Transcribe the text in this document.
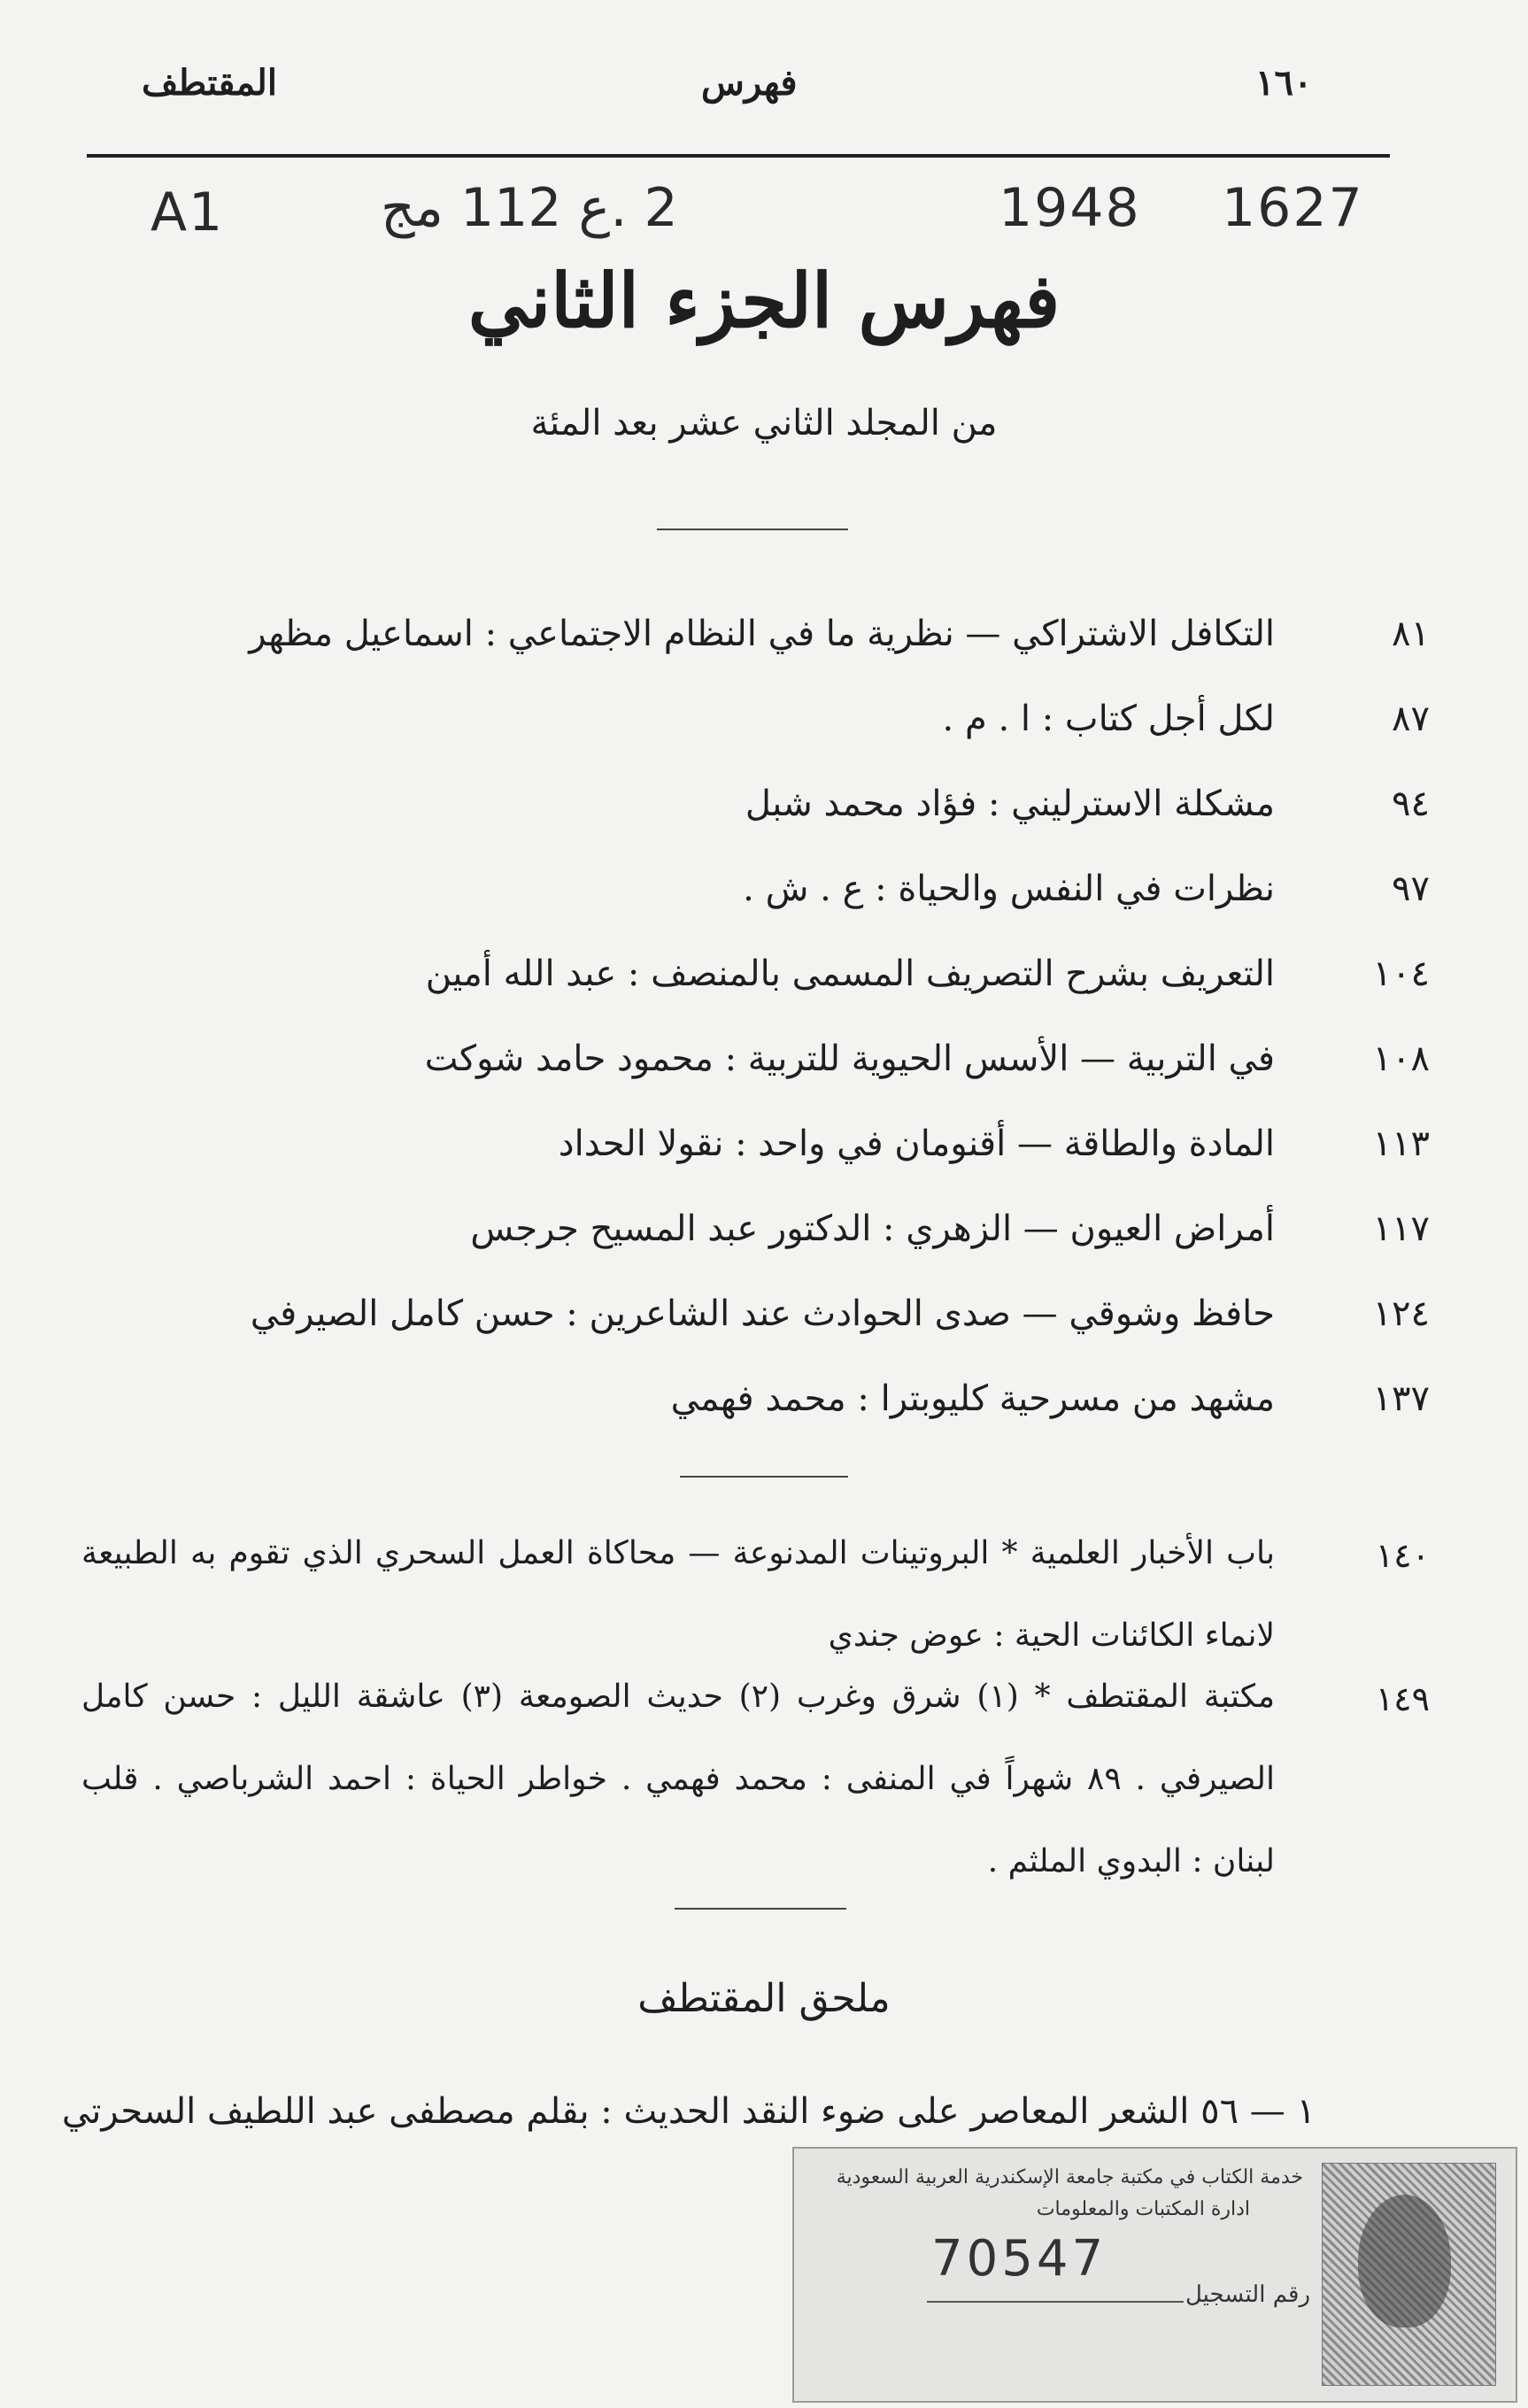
١٦٠
فهرس
المقتطف
A1	2 .ع 112 مج	1948 1627
فهرس الجزء الثاني
من المجلد الثاني عشر بعد المئة
٨١
التكافل الاشتراكي — نظرية ما في النظام الاجتماعي : اسماعيل مظهر
٨٧
لكل أجل كتاب : ا . م .
٩٤
مشكلة الاسترليني : فؤاد محمد شبل
٩٧
نظرات في النفس والحياة : ع . ش .
١٠٤
التعريف بشرح التصريف المسمى بالمنصف : عبد الله أمين
١٠٨
في التربية — الأسس الحيوية للتربية : محمود حامد شوكت
١١٣
المادة والطاقة — أقنومان في واحد : نقولا الحداد
١١٧
أمراض العيون — الزهري : الدكتور عبد المسيح جرجس
١٢٤
حافظ وشوقي — صدى الحوادث عند الشاعرين : حسن كامل الصيرفي
١٣٧
مشهد من مسرحية كليوبترا : محمد فهمي
١٤٠
باب الأخبار العلمية * البروتينات المدنوعة — محاكاة العمل السحري الذي تقوم به الطبيعة لانماء الكائنات الحية : عوض جندي
١٤٩
مكتبة المقتطف * (١) شرق وغرب (٢) حديث الصومعة (٣) عاشقة الليل : حسن كامل الصيرفي . ٨٩ شهراً في المنفى : محمد فهمي . خواطر الحياة : احمد الشرباصي . قلب لبنان : البدوي الملثم .
ملحق المقتطف
١ — ٥٦ الشعر المعاصر على ضوء النقد الحديث : بقلم مصطفى عبد اللطيف السحرتي
خدمة الكتاب في مكتبة جامعة الإسكندرية العربية السعودية
ادارة المكتبات والمعلومات
70547
رقم التسجيل
